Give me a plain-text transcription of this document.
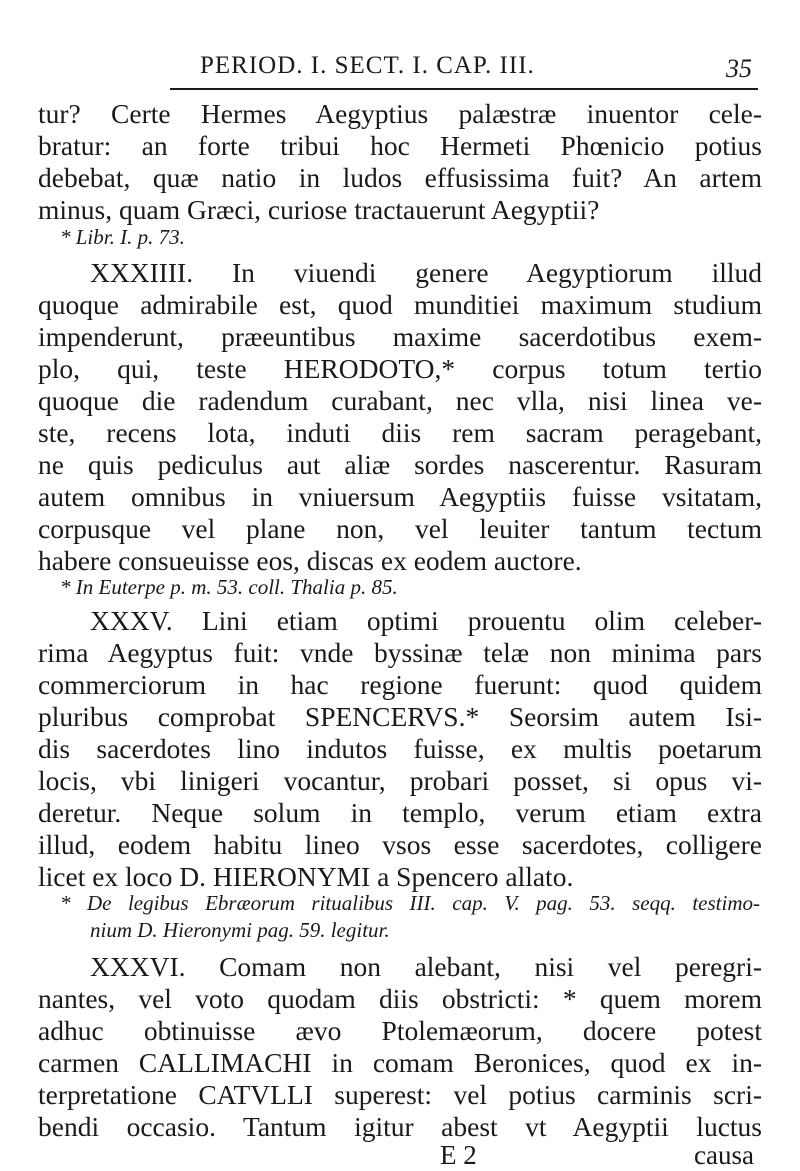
PERIOD. I. SECT. I. CAP. III.	35
tur? Certe Hermes Aegyptius palæstræ inuentor cele-
bratur: an forte tribui hoc Hermeti Phœnicio potius
debebat, quæ natio in ludos effusissima fuit? An artem
minus, quam Græci, curiose tractauerunt Aegyptii?
* Libr. I. p. 73.
XXXIIII. In viuendi genere Aegyptiorum illud
quoque admirabile est, quod munditiei maximum studium
impenderunt, præeuntibus maxime sacerdotibus exem-
plo, qui, teste HERODOTO,* corpus totum tertio
quoque die radendum curabant, nec vlla, nisi linea ve-
ste, recens lota, induti diis rem sacram peragebant,
ne quis pediculus aut aliæ sordes nascerentur. Rasuram
autem omnibus in vniuersum Aegyptiis fuisse vsitatam,
corpusque vel plane non, vel leuiter tantum tectum
habere consueuisse eos, discas ex eodem auctore.
* In Euterpe p. m. 53. coll. Thalia p. 85.
XXXV. Lini etiam optimi prouentu olim celeber-
rima Aegyptus fuit: vnde byssinæ telæ non minima pars
commerciorum in hac regione fuerunt: quod quidem
pluribus comprobat SPENCERVS.* Seorsim autem Isi-
dis sacerdotes lino indutos fuisse, ex multis poetarum
locis, vbi linigeri vocantur, probari posset, si opus vi-
deretur. Neque solum in templo, verum etiam extra
illud, eodem habitu lineo vsos esse sacerdotes, colligere
licet ex loco D. HIERONYMI a Spencero allato.
* De legibus Ebræorum ritualibus III. cap. V. pag. 53. seqq. testimo-
nium D. Hieronymi pag. 59. legitur.
XXXVI. Comam non alebant, nisi vel peregri-
nantes, vel voto quodam diis obstricti: * quem morem
adhuc obtinuisse ævo Ptolemæorum, docere potest
carmen CALLIMACHI in comam Beronices, quod ex in-
terpretatione CATVLLI superest: vel potius carminis scri-
bendi occasio. Tantum igitur abest vt Aegyptii luctus
E 2	causa
